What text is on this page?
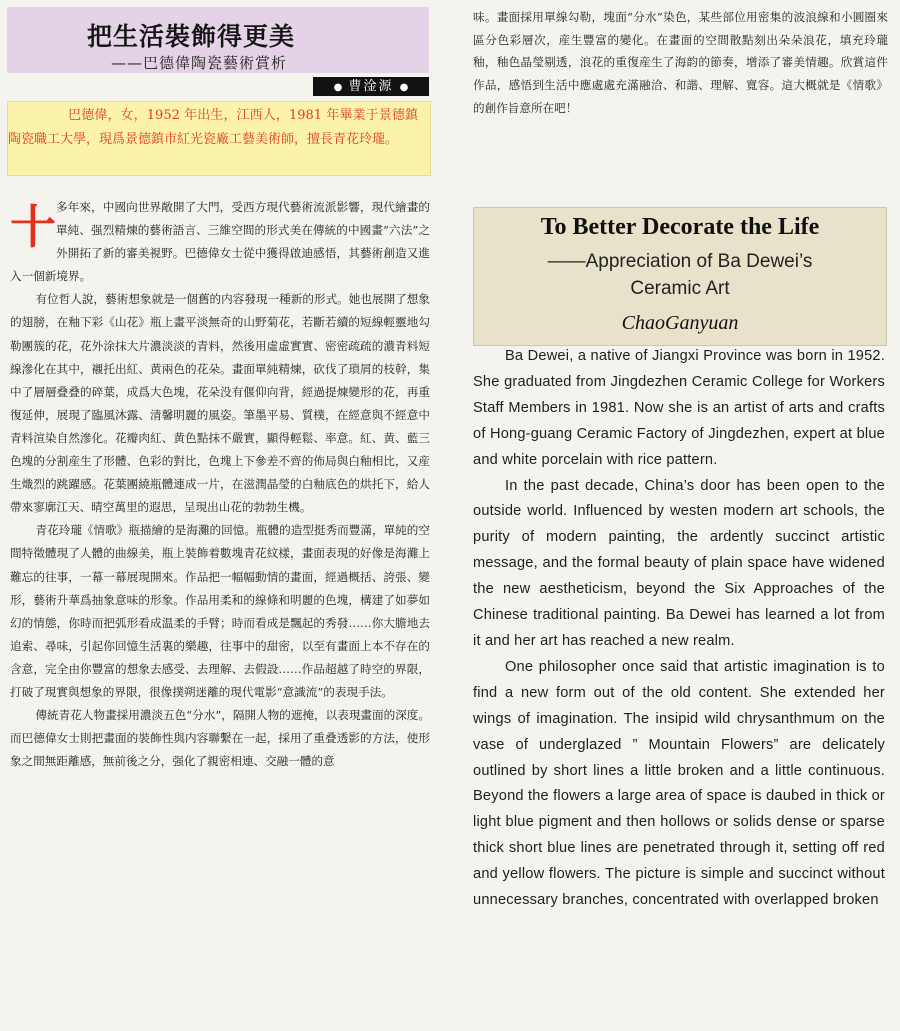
把生活裝飾得更美
——巴德偉陶瓷藝術賞析
● 曹淦源 ●
巴德偉，女，1952 年出生，江西人，1981 年畢業于景德鎮陶瓷職工大學，現爲景德鎮市紅光瓷廠工藝美術師，擅長青花玲瓏。

十多年來，中國向世界敞開了大門，受西方現代藝術流派影響，現代繪畫的單純、强烈精煉的藝術語言、三維空間的形式美在傳統的中國畫“六法”之外開拓了新的審美視野。巴德偉女士從中獲得啟迪感悟，其藝術創造又進入一個新境界。

有位哲人說，藝術想象就是一個舊的内容發現一種新的形式。她也展開了想象的翅膀，在釉下彩《山花》瓶上畫平淡無奇的山野菊花，若斷若續的短線輕靈地勾勒團簇的花，花外涂抹大片濃淡淡的青料，然後用虛虛實實、密密疏疏的濃青料短線滲化在其中，襯托出紅、黄兩色的花朵。畫面單純精煉，砍伐了瑣屑的枝幹，集中了層層叠叠的碎葉，成爲大色塊，花朵没有偃仰向背，經過提煉變形的花，再重復延伸，展現了臨風沐露、清馨明麗的風姿。筆墨平易、質樸，在經意與不經意中青料渲染自然滲化。花瓣肉紅、黄色點抹不嚴實，顯得輕鬆、率意。紅、黄、藍三色塊的分割産生了形體、色彩的對比，色塊上下參差不齊的佈局與白釉相比，又産生熾烈的跳躍感。花葉團繞瓶體連成一片，在滋潤晶瑩的白釉底色的烘托下，給人帶來寥廓江天、晴空萬里的遐思，呈現出山花的勃勃生機。

青花玲瓏《情歌》瓶描繪的是海灘的回憶。瓶體的造型挺秀而豐滿，單純的空間特徵體現了人體的曲線美，瓶上裝飾着數塊青花紋樣，畫面表現的好像是海灘上難忘的往事，一幕一幕展現開來。作品把一幅幅動情的畫面，經過概括、誇張、變形，藝術升華爲抽象意味的形象。作品用柔和的線條和明麗的色塊，構建了如夢如幻的情態，你時而把弧形看成温柔的手臂；時而看成是飄起的秀發……你大膽地去追索、尋味，引起你回憶生活裏的樂趣，往事中的甜密，以至有畫面上本不存在的含意，完全由你豐富的想象去感受、去理解、去假設……作品超越了時空的界限，打破了現實與想象的界限，很像撲朔迷離的現代電影“意識流”的表現手法。

傳統青花人物畫採用濃淡五色“分水”，隔開人物的遮掩，以表現畫面的深度。而巴德偉女士則把畫面的裝飾性與内容聯繫在一起，採用了重叠透影的方法，使形象之間無距離感，無前後之分，强化了親密相連、交融一體的意

味。畫面採用單線勾勒，塊面“分水”染色，某些部位用密集的波浪線和小圓圈來區分色彩層次，産生豐富的變化。在畫面的空間散點刻出朵朵浪花，填充玲瓏釉，釉色晶瑩剔透，浪花的重復産生了海韵的節奏，增添了審美情趣。欣賞這件作品，感悟到生活中應處處充滿融洽、和諧、理解、寬容。這大概就是《情歌》的創作旨意所在吧！

To Better Decorate the Life
——Appreciation of Ba Dewei’s
Ceramic Art
ChaoGanyuan

Ba Dewei, a native of Jiangxi Province was born in 1952. She graduated from Jingdezhen Ceramic College for Workers Staff Members in 1981. Now she is an artist of arts and crafts of Hong-guang Ceramic Factory of Jingdezhen, expert at blue and white porcelain with rice pattern.

In the past decade, China’s door has been open to the outside world. Influenced by westen modern art schools, the purity of modern painting, the ardently succinct artistic message, and the formal beauty of plain space have widened the new aestheticism, beyond the Six Approaches of the Chinese traditional painting. Ba Dewei has learned a lot from it and her art has reached a new realm.

One philosopher once said that artistic imagination is to find a new form out of the old content. She extended her wings of imagination. The insipid wild chrysanthmum on the vase of underglazed ” Mountain Flowers” are delicately outlined by short lines a little broken and a little continuous. Beyond the flowers a large area of space is daubed in thick or light blue pigment and then hollows or solids dense or sparse thick short blue lines are penetrated through it, setting off red and yellow flowers. The picture is simple and succinct without unnecessary branches, concentrated with overlapped broken
